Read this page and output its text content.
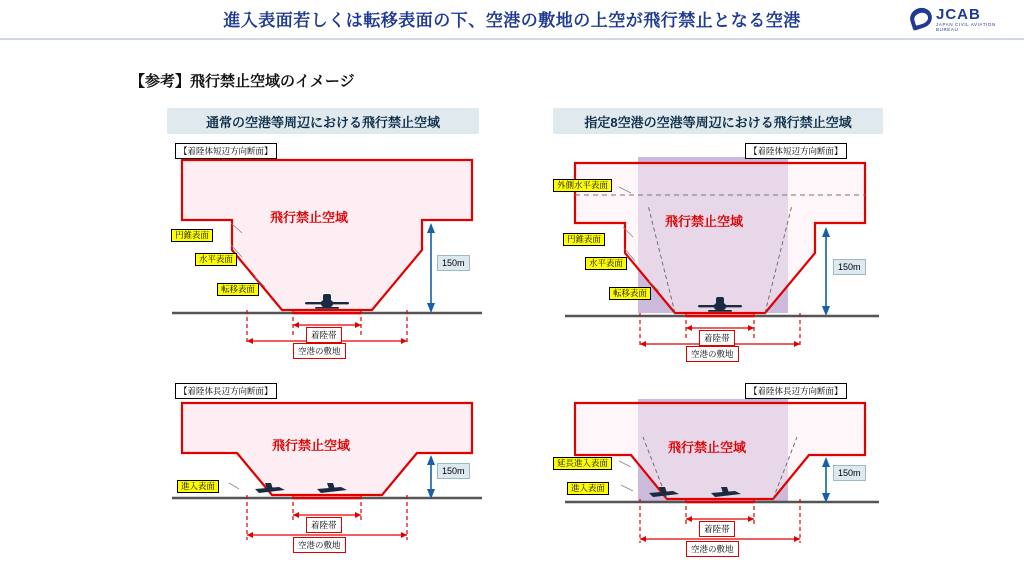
進入表面若しくは転移表面の下、空港の敷地の上空が飛行禁止となる空港	JCAB
JAPAN CIVIL AVIATION BUREAU
【参考】飛行禁止空域のイメージ
通常の空港等周辺における飛行禁止空域	指定8空港の空港等周辺における飛行禁止空域
【着陸体短辺方向断面】
飛行禁止空域
円錐表面
水平表面
転移表面
150m
着陸帯
空港の敷地
【着陸体短辺方向断面】
飛行禁止空域
外側水平表面
円錐表面
水平表面
転移表面
150m
着陸帯
空港の敷地
【着陸体長辺方向断面】
飛行禁止空域
進入表面
150m
着陸帯
空港の敷地
【着陸体長辺方向断面】
飛行禁止空域
延長進入表面
進入表面
150m
着陸帯
空港の敷地
